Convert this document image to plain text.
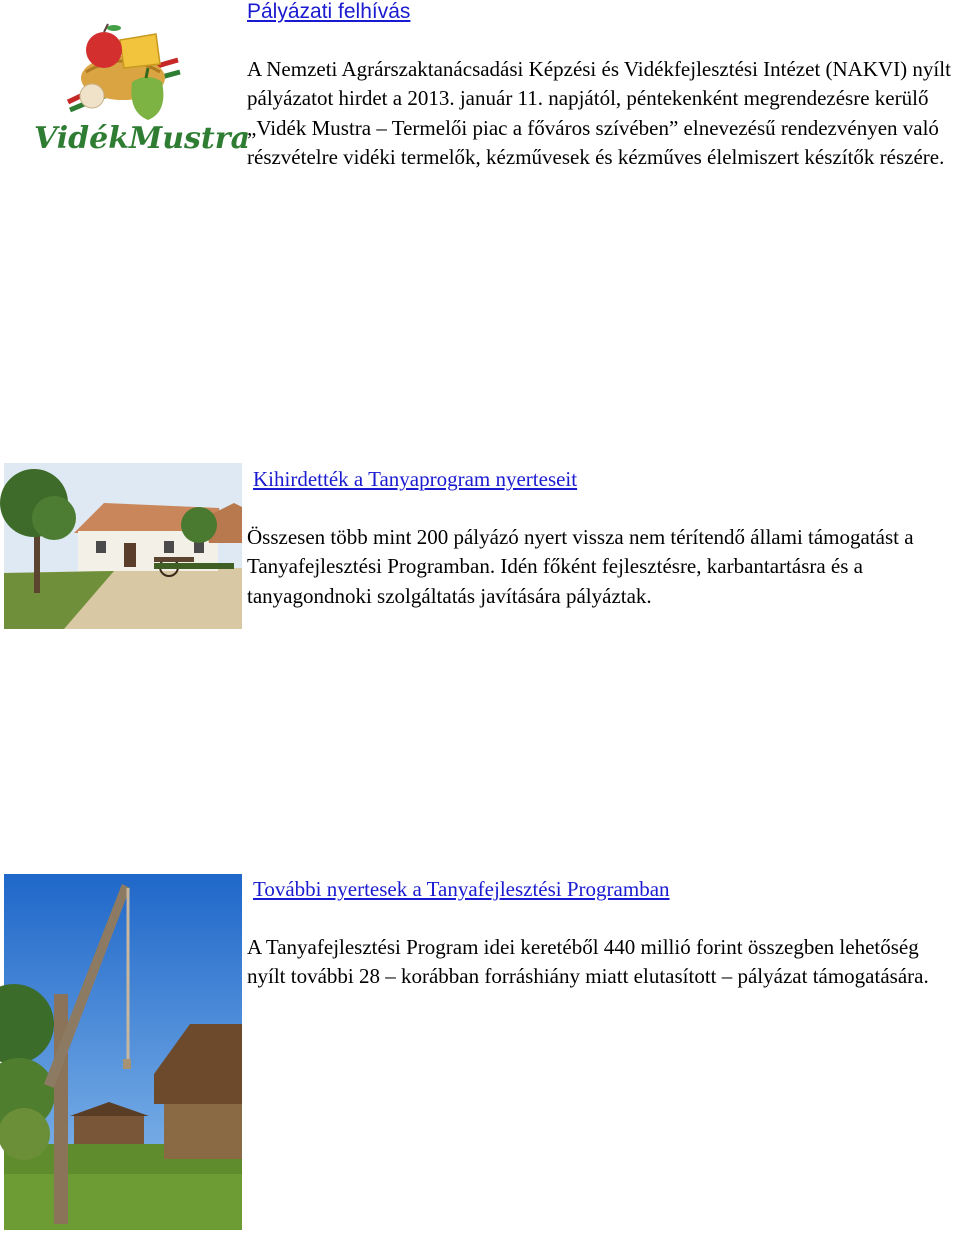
VidékMustra
Pályázati felhívás

A Nemzeti Agrárszaktanácsadási Képzési és Vidékfejlesztési Intézet (NAKVI) nyílt pályázatot hirdet a 2013. január 11. napjától, péntekenként megrendezésre kerülő „Vidék Mustra – Termelői piac a főváros szívében” elnevezésű rendezvényen való részvételre vidéki termelők, kézművesek és kézműves élelmiszert készítők részére.

Kihirdették a Tanyaprogram nyerteseit

Összesen több mint 200 pályázó nyert vissza nem térítendő állami támogatást a Tanyafejlesztési Programban. Idén főként fejlesztésre, karbantartásra és a tanyagondnoki szolgáltatás javítására pályáztak.

További nyertesek a Tanyafejlesztési Programban

A Tanyafejlesztési Program idei keretéből 440 millió forint összegben lehetőség nyílt további 28 – korábban forráshiány miatt elutasított – pályázat támogatására.
